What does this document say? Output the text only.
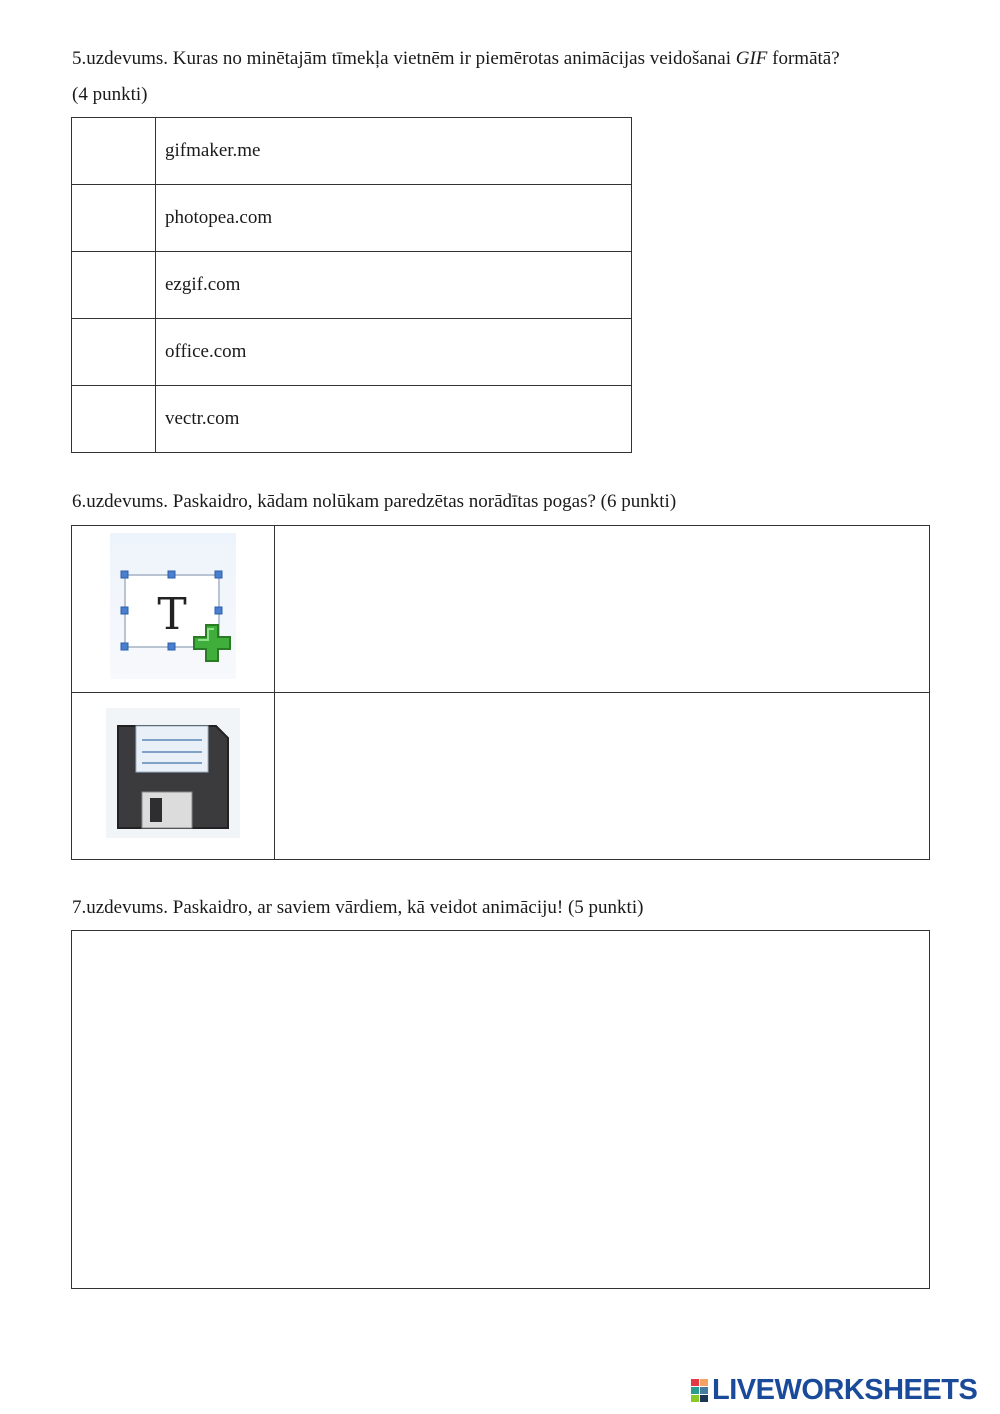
5.uzdevums. Kuras no minētajām tīmekļa vietnēm ir piemērotas animācijas veidošanai GIF formātā?
(4 punkti)
	gifmaker.me
	photopea.com
	ezgif.com
	office.com
	vectr.com
6.uzdevums. Paskaidro, kādam nolūkam paredzētas norādītas pogas? (6 punkti)
T	

7.uzdevums. Paskaidro, ar saviem vārdiem, kā veidot animāciju! (5 punkti)
LIVEWORKSHEETS
